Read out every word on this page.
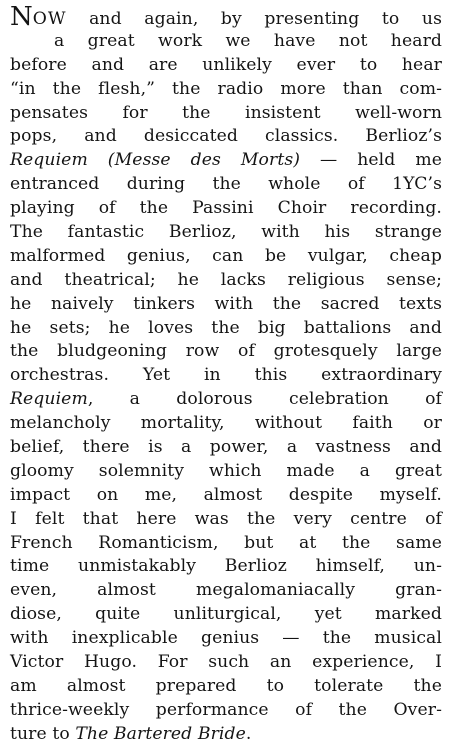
NOW and again, by presenting to us
a great work we have not heard
before and are unlikely ever to hear
“in the flesh,” the radio more than com-
pensates for the insistent well-worn
pops, and desiccated classics. Berlioz’s
Requiem (Messe des Morts) — held me
entranced during the whole of 1YC’s
playing of the Passini Choir recording.
The fantastic Berlioz, with his strange
malformed genius, can be vulgar, cheap
and theatrical; he lacks religious sense;
he naively tinkers with the sacred texts
he sets; he loves the big battalions and
the bludgeoning row of grotesquely large
orchestras. Yet in this extraordinary
Requiem, a dolorous celebration of
melancholy mortality, without faith or
belief, there is a power, a vastness and
gloomy solemnity which made a great
impact on me, almost despite myself.
I felt that here was the very centre of
French Romanticism, but at the same
time unmistakably Berlioz himself, un-
even, almost megalomaniacally gran-
diose, quite unliturgical, yet marked
with inexplicable genius — the musical
Victor Hugo. For such an experience, I
am almost prepared to tolerate the
thrice-weekly performance of the Over-
ture to The Bartered Bride.
